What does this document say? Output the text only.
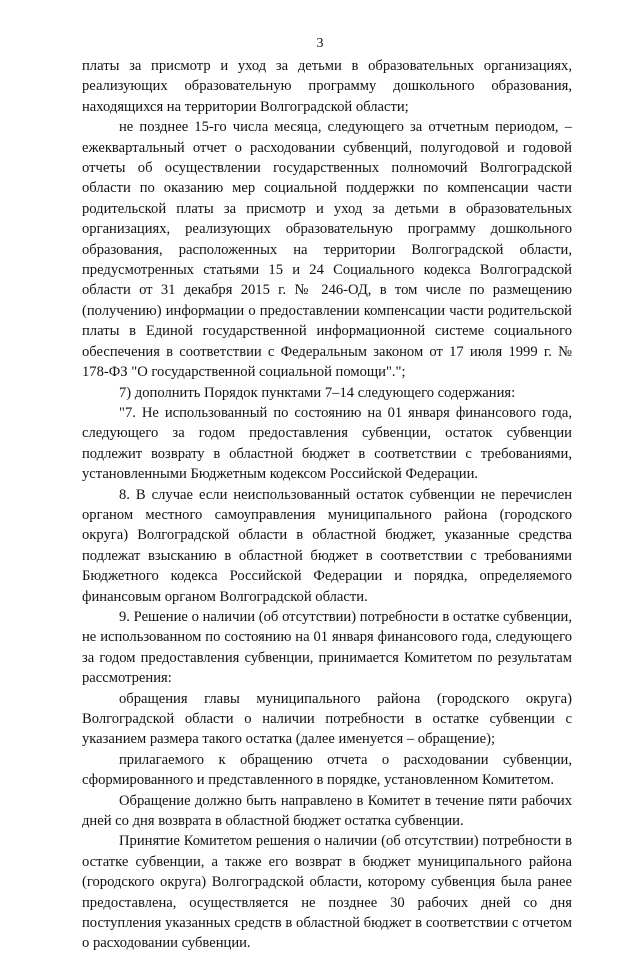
3

платы за присмотр и уход за детьми в образовательных организациях, реализующих образовательную программу дошкольного образования, находящихся на территории Волгоградской области;

не позднее 15-го числа месяца, следующего за отчетным периодом, – ежеквартальный отчет о расходовании субвенций, полугодовой и годовой отчеты об осуществлении государственных полномочий Волгоградской области по оказанию мер социальной поддержки по компенсации части родительской платы за присмотр и уход за детьми в образовательных организациях, реализующих образовательную программу дошкольного образования, расположенных на территории Волгоградской области, предусмотренных статьями 15 и 24 Социального кодекса Волгоградской области от 31 декабря 2015 г. № 246-ОД, в том числе по размещению (получению) информации о предоставлении компенсации части родительской платы в Единой государственной информационной системе социального обеспечения в соответствии с Федеральным законом от 17 июля 1999 г. № 178-ФЗ "О государственной социальной помощи".";

7) дополнить Порядок пунктами 7–14 следующего содержания:

"7. Не использованный по состоянию на 01 января финансового года, следующего за годом предоставления субвенции, остаток субвенции подлежит возврату в областной бюджет в соответствии с требованиями, установленными Бюджетным кодексом Российской Федерации.

8. В случае если неиспользованный остаток субвенции не перечислен органом местного самоуправления муниципального района (городского округа) Волгоградской области в областной бюджет, указанные средства подлежат взысканию в областной бюджет в соответствии с требованиями Бюджетного кодекса Российской Федерации и порядка, определяемого финансовым органом Волгоградской области.

9. Решение о наличии (об отсутствии) потребности в остатке субвенции, не использованном по состоянию на 01 января финансового года, следующего за годом предоставления субвенции, принимается Комитетом по результатам рассмотрения:

обращения главы муниципального района (городского округа) Волгоградской области о наличии потребности в остатке субвенции с указанием размера такого остатка (далее именуется – обращение);

прилагаемого к обращению отчета о расходовании субвенции, сформированного и представленного в порядке, установленном Комитетом.

Обращение должно быть направлено в Комитет в течение пяти рабочих дней со дня возврата в областной бюджет остатка субвенции.

Принятие Комитетом решения о наличии (об отсутствии) потребности в остатке субвенции, а также его возврат в бюджет муниципального района (городского округа) Волгоградской области, которому субвенция была ранее предоставлена, осуществляется не позднее 30 рабочих дней со дня поступления указанных средств в областной бюджет в соответствии с отчетом о расходовании субвенции.
